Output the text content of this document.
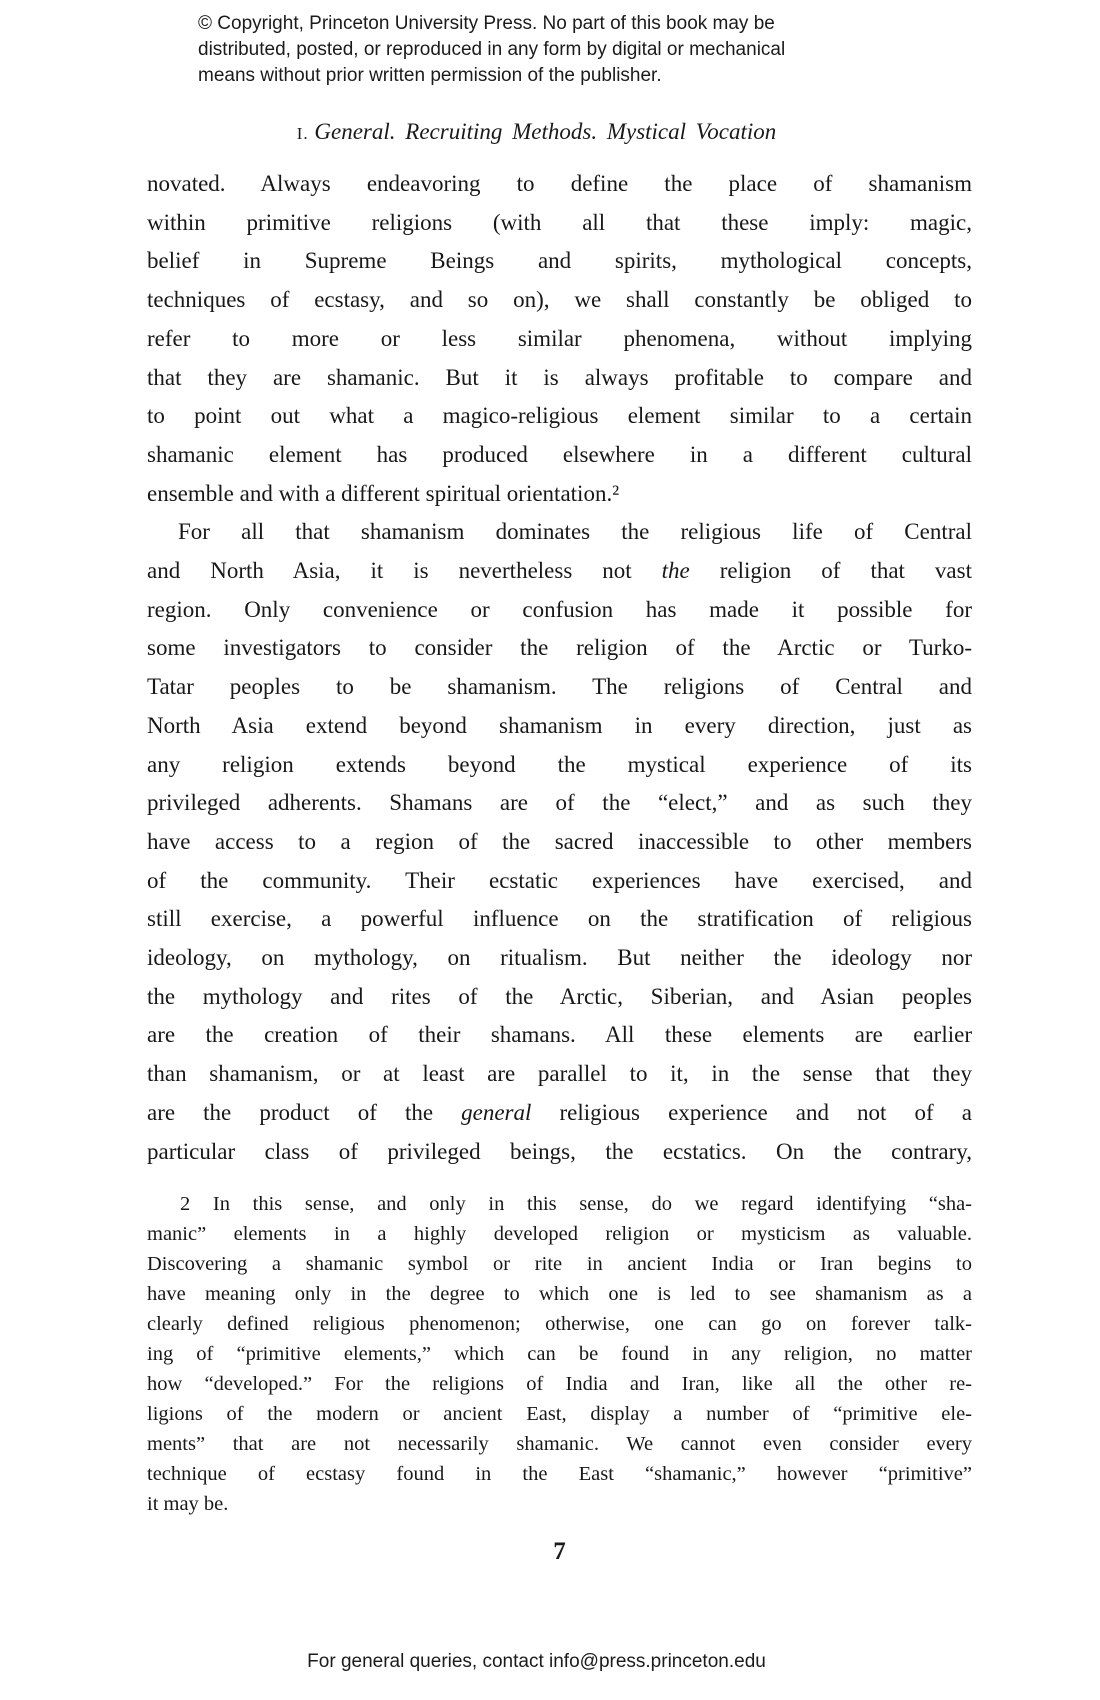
© Copyright, Princeton University Press. No part of this book may be
distributed, posted, or reproduced in any form by digital or mechanical
means without prior written permission of the publisher.
I. General. Recruiting Methods. Mystical Vocation
novated. Always endeavoring to define the place of shamanism
within primitive religions (with all that these imply: magic,
belief in Supreme Beings and spirits, mythological concepts,
techniques of ecstasy, and so on), we shall constantly be obliged to
refer to more or less similar phenomena, without implying
that they are shamanic. But it is always profitable to compare and
to point out what a magico-religious element similar to a certain
shamanic element has produced elsewhere in a different cultural
ensemble and with a different spiritual orientation.²
For all that shamanism dominates the religious life of Central
and North Asia, it is nevertheless not the religion of that vast
region. Only convenience or confusion has made it possible for
some investigators to consider the religion of the Arctic or Turko-
Tatar peoples to be shamanism. The religions of Central and
North Asia extend beyond shamanism in every direction, just as
any religion extends beyond the mystical experience of its
privileged adherents. Shamans are of the “elect,” and as such they
have access to a region of the sacred inaccessible to other members
of the community. Their ecstatic experiences have exercised, and
still exercise, a powerful influence on the stratification of religious
ideology, on mythology, on ritualism. But neither the ideology nor
the mythology and rites of the Arctic, Siberian, and Asian peoples
are the creation of their shamans. All these elements are earlier
than shamanism, or at least are parallel to it, in the sense that they
are the product of the general religious experience and not of a
particular class of privileged beings, the ecstatics. On the contrary,
2 In this sense, and only in this sense, do we regard identifying “sha-
manic” elements in a highly developed religion or mysticism as valuable.
Discovering a shamanic symbol or rite in ancient India or Iran begins to
have meaning only in the degree to which one is led to see shamanism as a
clearly defined religious phenomenon; otherwise, one can go on forever talk-
ing of “primitive elements,” which can be found in any religion, no matter
how “developed.” For the religions of India and Iran, like all the other re-
ligions of the modern or ancient East, display a number of “primitive ele-
ments” that are not necessarily shamanic. We cannot even consider every
technique of ecstasy found in the East “shamanic,” however “primitive”
it may be.
7
For general queries, contact info@press.princeton.edu
